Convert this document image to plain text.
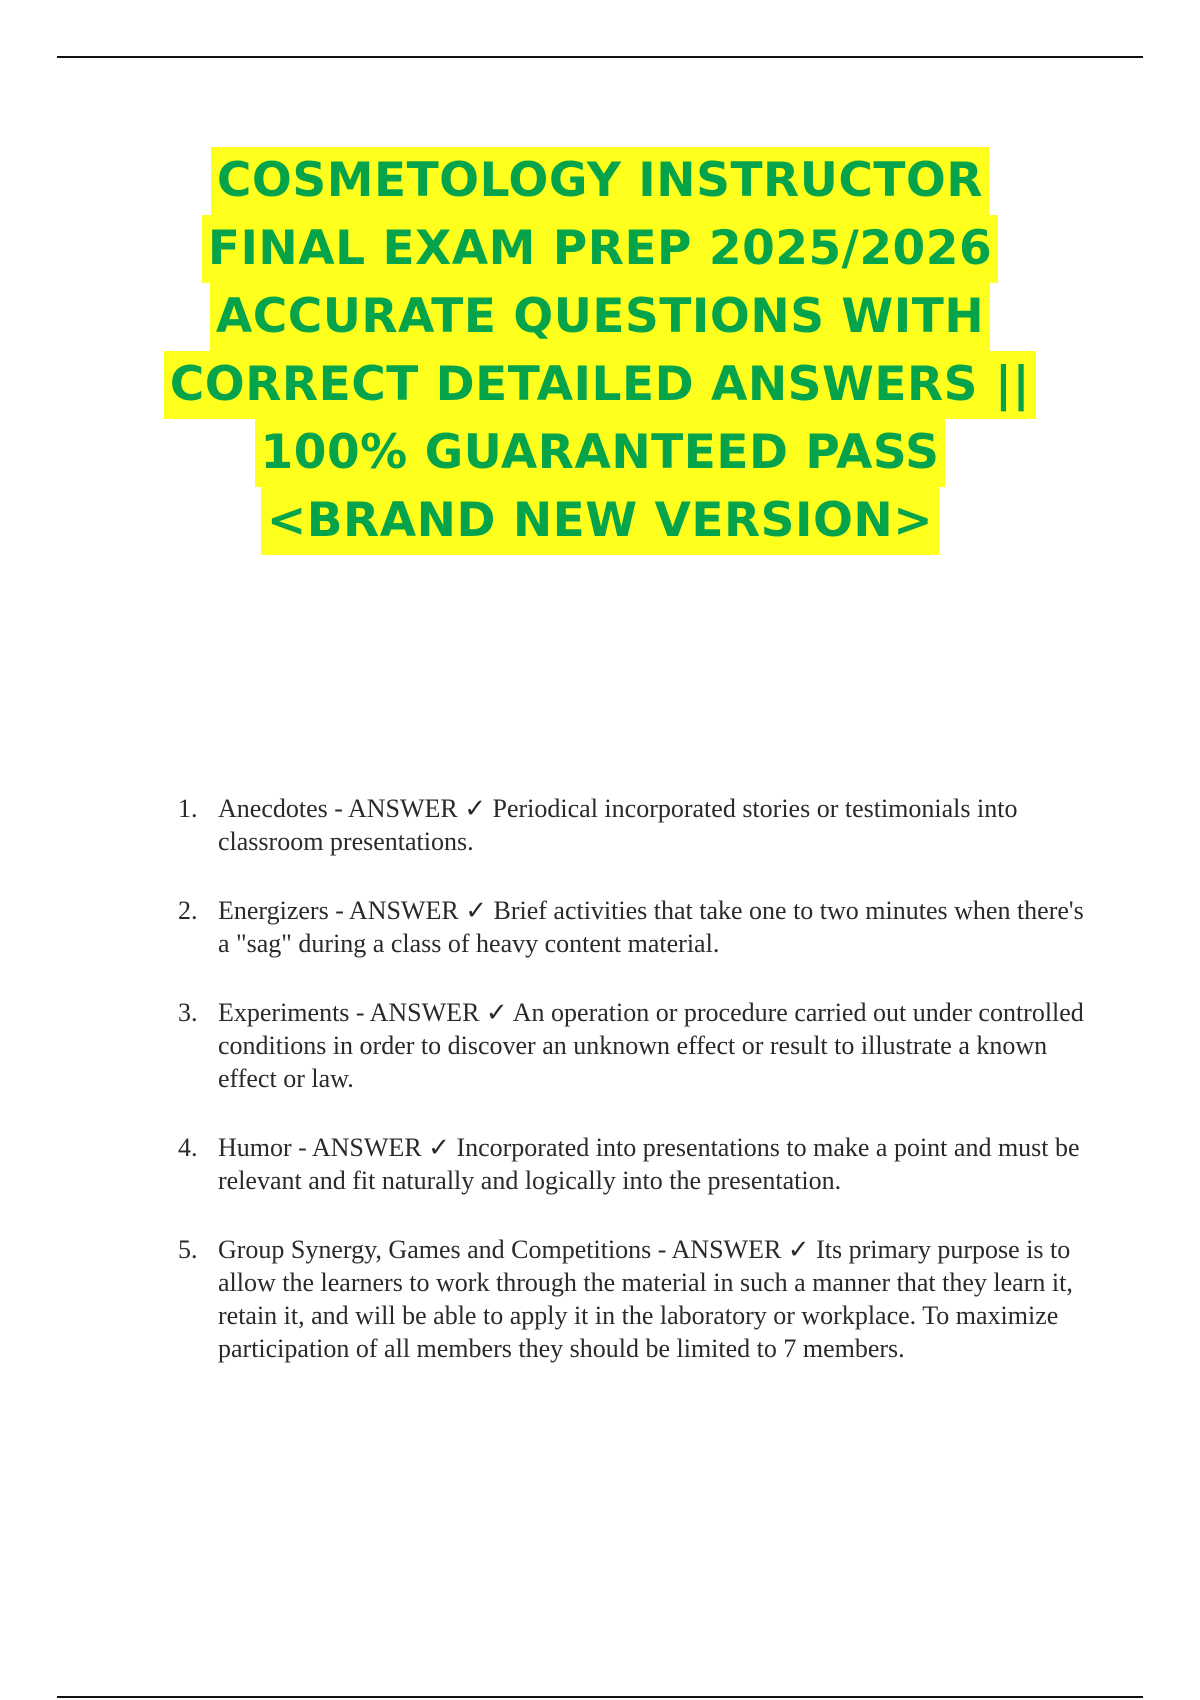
COSMETOLOGY INSTRUCTOR
FINAL EXAM PREP 2025/2026
ACCURATE QUESTIONS WITH
CORRECT DETAILED ANSWERS ||
100% GUARANTEED PASS
<BRAND NEW VERSION>
1. Anecdotes - ANSWER ✓ Periodical incorporated stories or testimonials into classroom presentations.
2. Energizers - ANSWER ✓ Brief activities that take one to two minutes when there's a "sag" during a class of heavy content material.
3. Experiments - ANSWER ✓ An operation or procedure carried out under controlled conditions in order to discover an unknown effect or result to illustrate a known effect or law.
4. Humor - ANSWER ✓ Incorporated into presentations to make a point and must be relevant and fit naturally and logically into the presentation.
5. Group Synergy, Games and Competitions - ANSWER ✓ Its primary purpose is to allow the learners to work through the material in such a manner that they learn it, retain it, and will be able to apply it in the laboratory or workplace. To maximize participation of all members they should be limited to 7 members.
